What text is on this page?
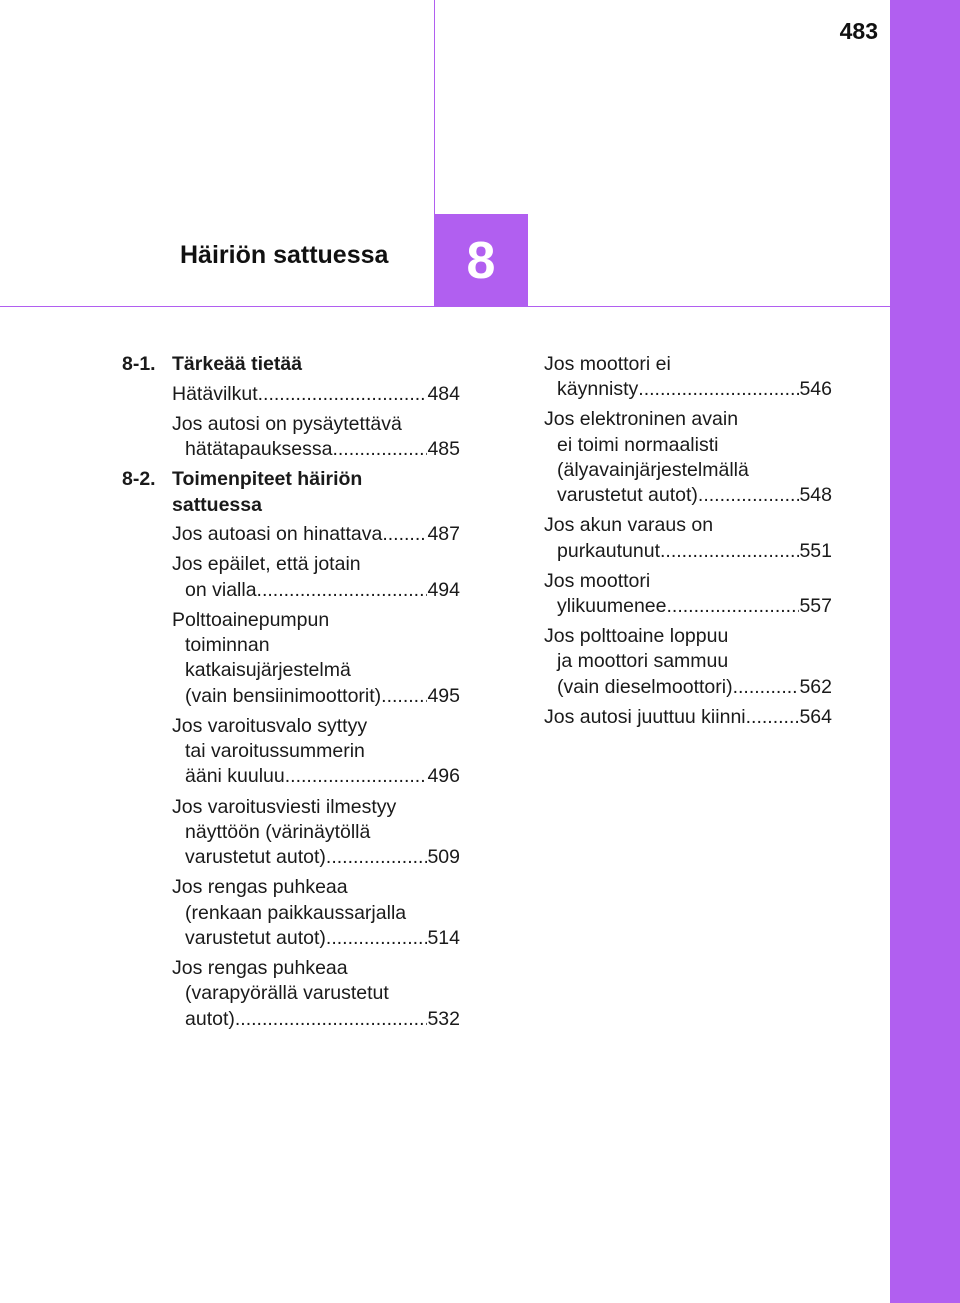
483
8
Häiriön sattuessa
8-1. Tärkeää tietää
Hätävilkut .....	484
Jos autosi on pysäytettävä
hätätapauksessa .....	485
8-2. Toimenpiteet häiriön
sattuessa
Jos autoasi on hinattava ..... 487
Jos epäilet, että jotain
on vialla .....	494
Polttoainepumpun
toiminnan
katkaisujärjestelmä
(vain bensiinimoottorit) ..... 495
Jos varoitusvalo syttyy
tai varoitussummerin
ääni kuuluu .....	496
Jos varoitusviesti ilmestyy
näyttöön (värinäytöllä
varustetut autot) .....	509
Jos rengas puhkeaa
(renkaan paikkaussarjalla
varustetut autot) .....	514
Jos rengas puhkeaa
(varapyörällä varustetut
autot) .....	532
Jos moottori ei
käynnisty .....	546
Jos elektroninen avain
ei toimi normaalisti
(älyavainjärjestelmällä
varustetut autot) .....	548
Jos akun varaus on
purkautunut .....	551
Jos moottori
ylikuumenee .....	557
Jos polttoaine loppuu
ja moottori sammuu
(vain dieselmoottori) .....	562
Jos autosi juuttuu kiinni .....	564
